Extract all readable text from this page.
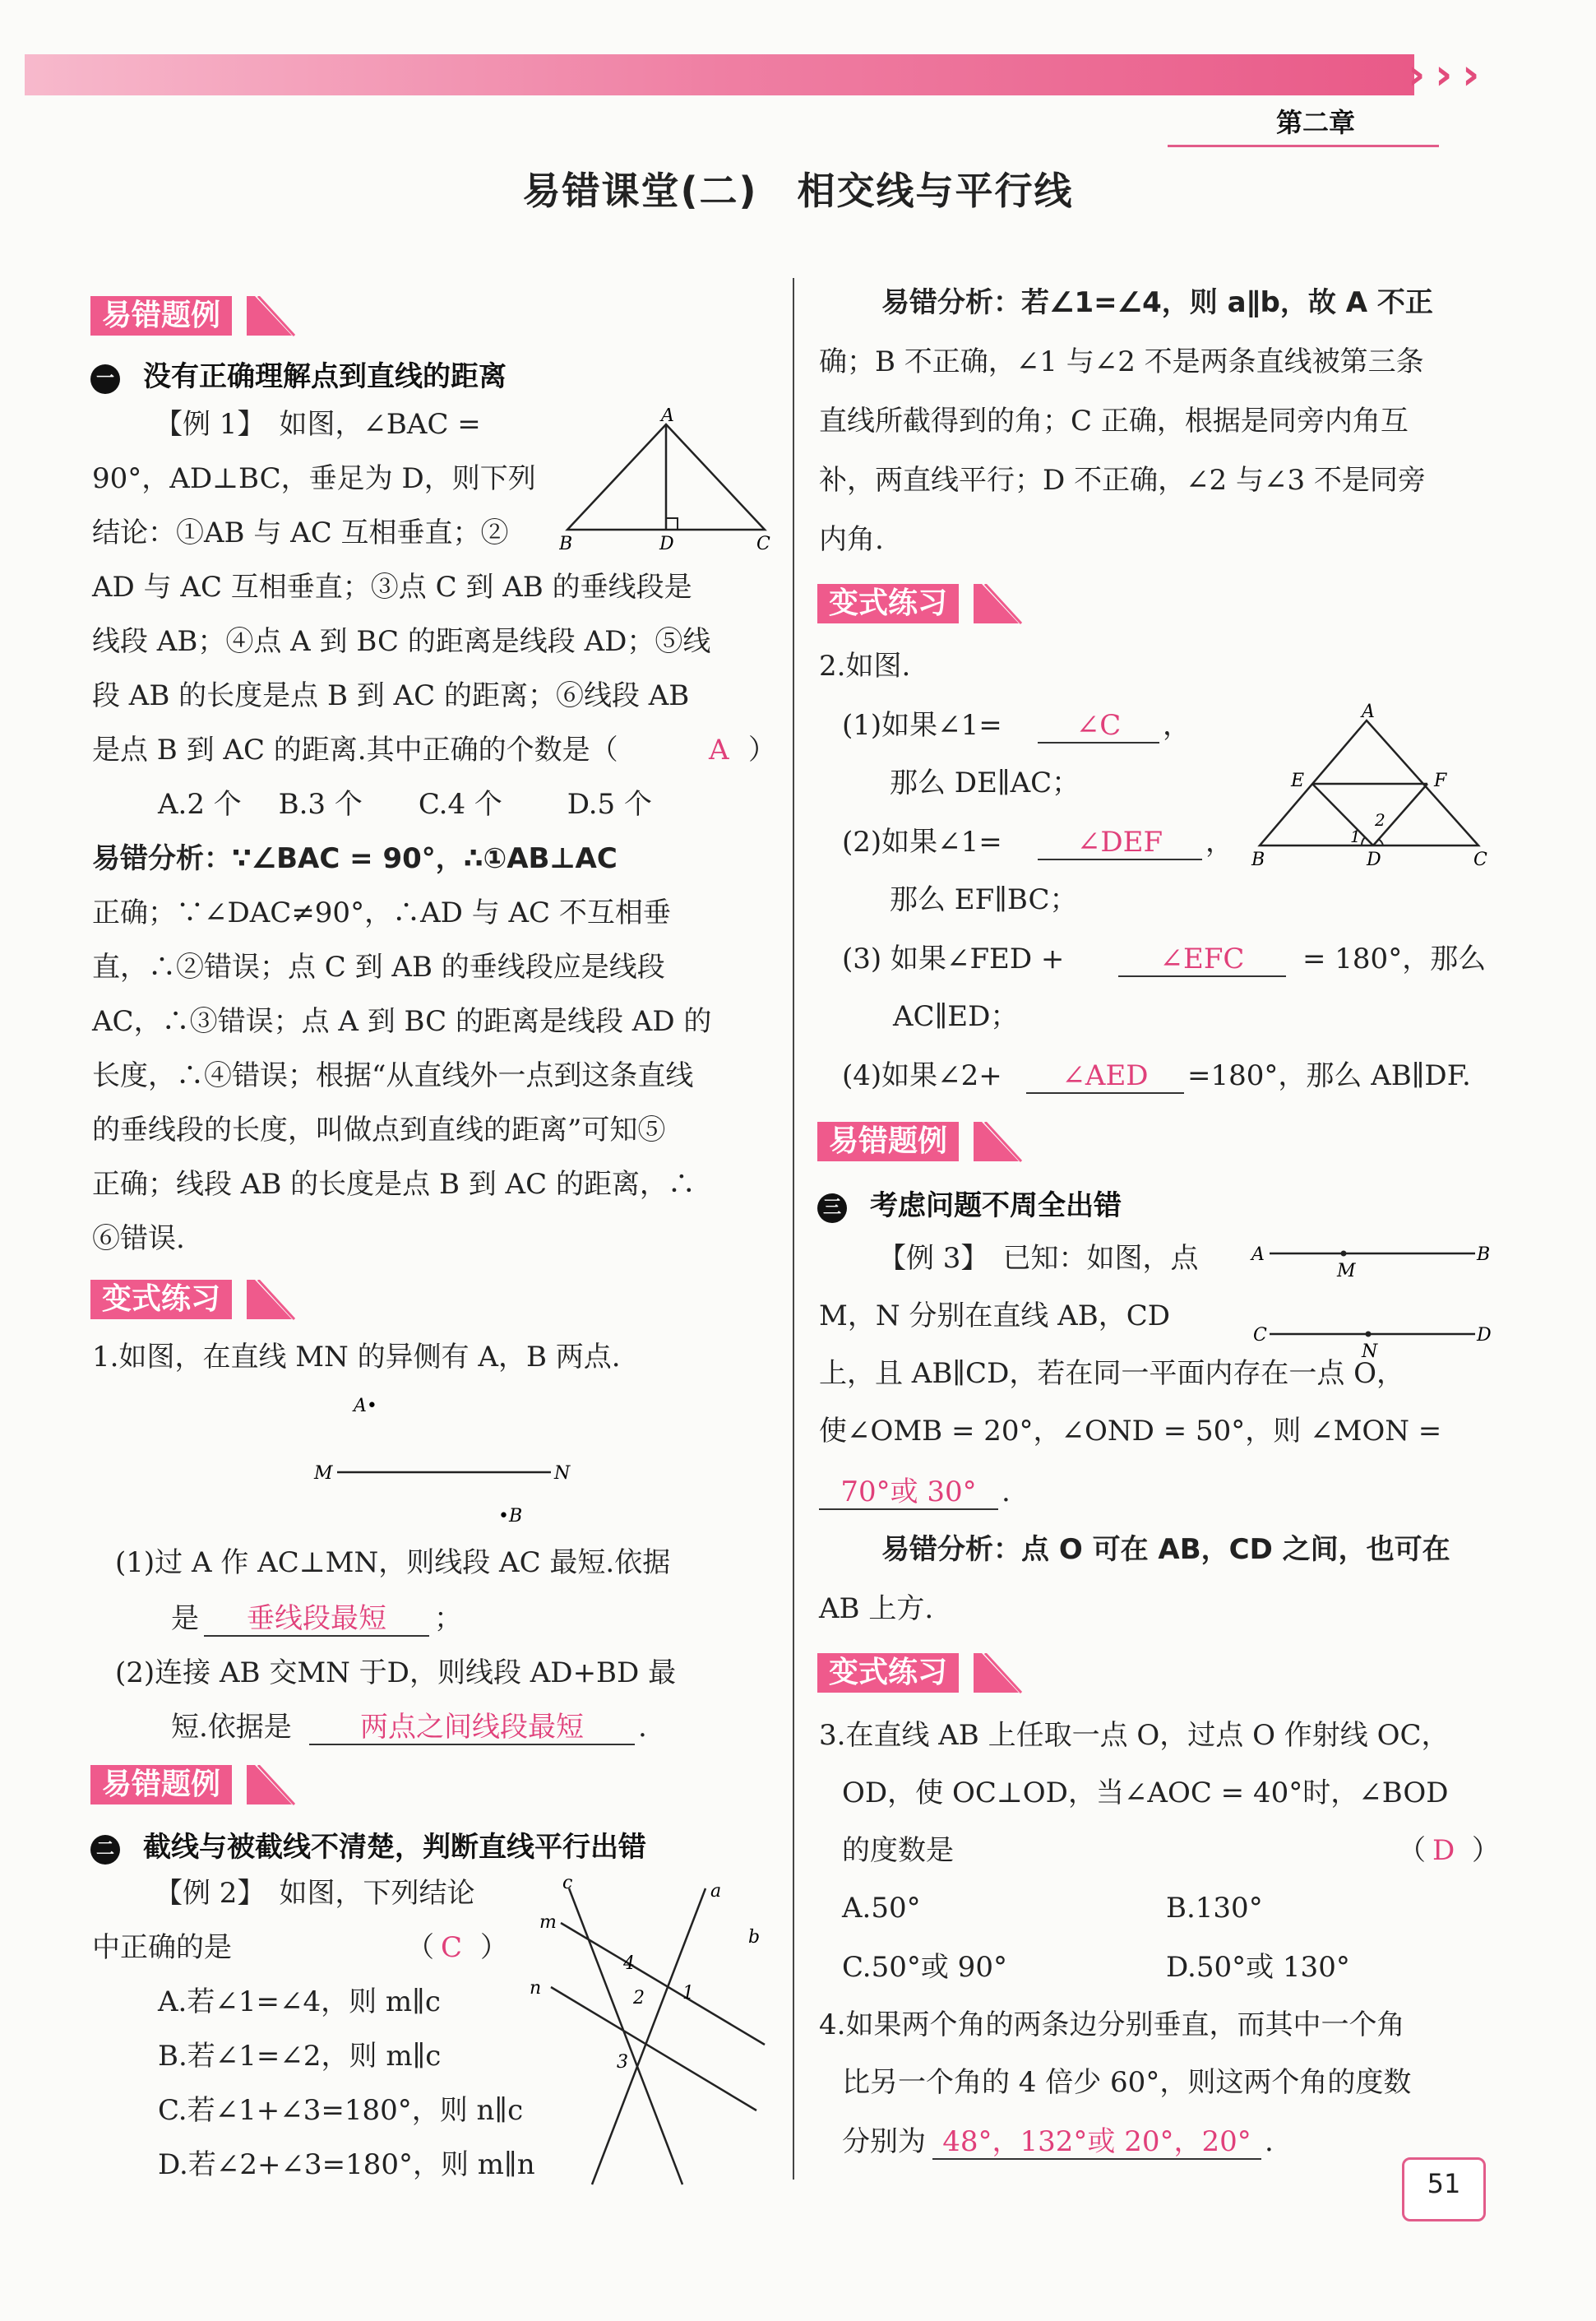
› › ›
第二章
易错课堂(二)　相交线与平行线
易错题例
一 没有正确理解点到直线的距离
【例 1】　如图，∠BAC =
90°，AD⊥BC，垂足为 D，则下列
结论：①AB 与 AC 互相垂直；②
AD 与 AC 互相垂直；③点 C 到 AB 的垂线段是
线段 AB；④点 A 到 BC 的距离是线段 AD；⑤线
段 AB 的长度是点 B 到 AC 的距离；⑥线段 AB
是点 B 到 AC 的距离.其中正确的个数是（	A ）
A.2 个　 B.3 个　　C.4 个　　 D.5 个
A
B	D	C
易错分析：∵∠BAC = 90°，∴①AB⊥AC
正确；∵∠DAC≠90°，∴AD 与 AC 不互相垂
直，∴②错误；点 C 到 AB 的垂线段应是线段
AC，∴③错误；点 A 到 BC 的距离是线段 AD 的
长度，∴④错误；根据“从直线外一点到这条直线
的垂线段的长度，叫做点到直线的距离”可知⑤
正确；线段 AB 的长度是点 B 到 AC 的距离，∴
⑥错误.
变式练习
1.如图，在直线 MN 的异侧有 A，B 两点.
A•
M	N
•B
(1)过 A 作 AC⊥MN，则线段 AC 最短.依据
是	垂线段最短	；
(2)连接 AB 交MN 于D，则线段 AD+BD 最
短.依据是	两点之间线段最短	.
易错题例
二 截线与被截线不清楚，判断直线平行出错
【例 2】　如图，下列结论
中正确的是	（ C ）
A.若∠1=∠4，则 m∥c
B.若∠1=∠2，则 m∥c
C.若∠1+∠3=180°，则 n∥c
D.若∠2+∠3=180°，则 m∥n
c	a
m
b
n
4
2 1
3
易错分析：若∠1=∠4，则 a∥b，故 A 不正
确；B 不正确，∠1 与∠2 不是两条直线被第三条
直线所截得到的角；C 正确，根据是同旁内角互
补，两直线平行；D 不正确，∠2 与∠3 不是同旁
内角.
变式练习
2.如图.
(1)如果∠1=	∠C	，
那么 DE∥AC；
(2)如果∠1=	∠DEF	，
那么 EF∥BC；
(3) 如果∠FED +	∠EFC	= 180°，那么
AC∥ED；
(4)如果∠2+	∠AED	=180°，那么 AB∥DF.
A
E	F
B	D	C
1
2
易错题例
三 考虑问题不周全出错
【例 3】　已知：如图，点
M，N 分别在直线 AB，CD
上，且 AB∥CD，若在同一平面内存在一点 O，
使∠OMB = 20°，∠OND = 50°，则 ∠MON =
70°或 30° .
A
M
B
C
N
D
易错分析：点 O 可在 AB，CD 之间，也可在
AB 上方.
变式练习
3.在直线 AB 上任取一点 O，过点 O 作射线 OC，
OD，使 OC⊥OD，当∠AOC = 40°时，∠BOD
的度数是	（ D ）
A.50°	B.130°
C.50°或 90°	D.50°或 130°
4.如果两个角的两条边分别垂直，而其中一个角
比另一个角的 4 倍少 60°，则这两个角的度数
分别为 48°，132°或 20°，20° .
51
